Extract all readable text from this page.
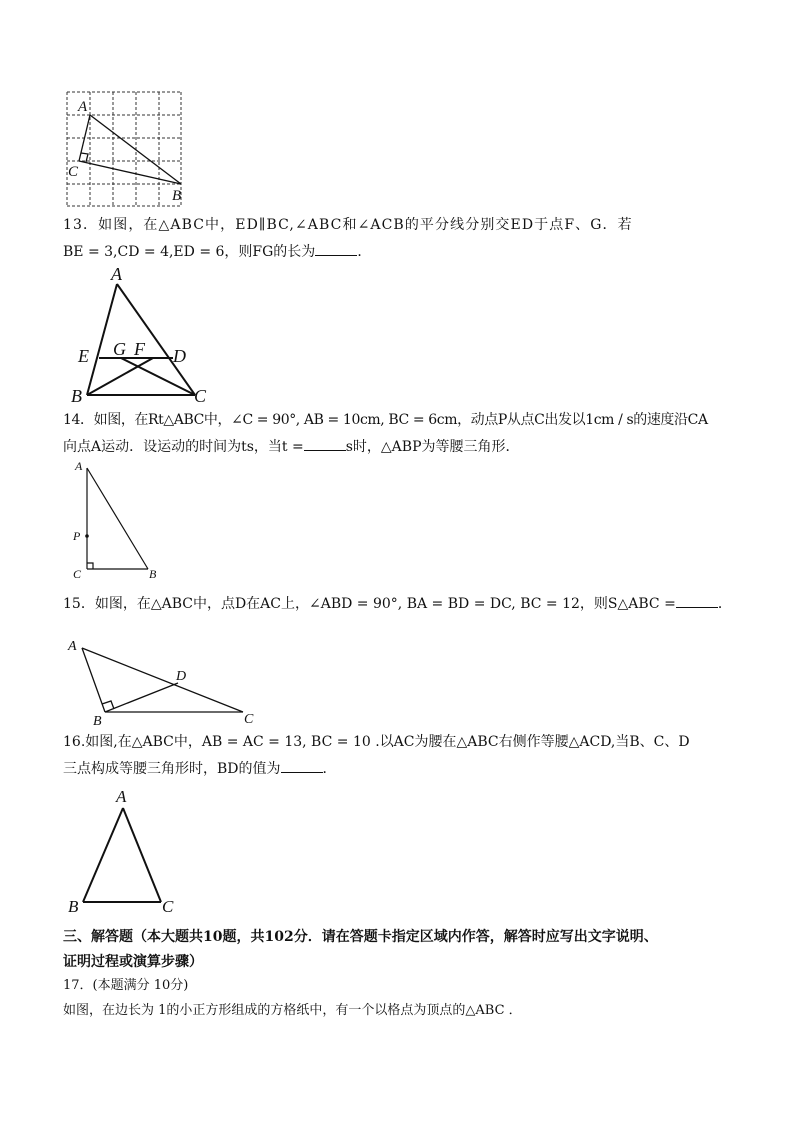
A
C
B
13．如图，在△ABC中，ED∥BC,∠ABC和∠ACB的平分线分别交ED于点F、G．若
BE = 3,CD = 4,ED = 6，则FG的长为	．
A
E G F D
B	C
14．如图，在Rt△ABC中，∠C = 90°, AB = 10cm, BC = 6cm，动点P从点C出发以1cm / s的速度沿CA
向点A运动．设运动的时间为ts，当t =	s时，△ABP为等腰三角形．
A
P
C	B
15．如图，在△ABC中，点D在AC上，∠ABD = 90°, BA = BD = DC, BC = 12，则S△ABC =	．
A
D
B	C
16.如图,在△ABC中，AB = AC = 13, BC = 10 .以AC为腰在△ABC右侧作等腰△ACD,当B、C、D
三点构成等腰三角形时，BD的值为	．
A
B	C
三、解答题（本大题共10题，共102分．请在答题卡指定区域内作答，解答时应写出文字说明、
证明过程或演算步骤）
17．(本题满分 10分)
如图，在边长为 1的小正方形组成的方格纸中，有一个以格点为顶点的△ABC ．
